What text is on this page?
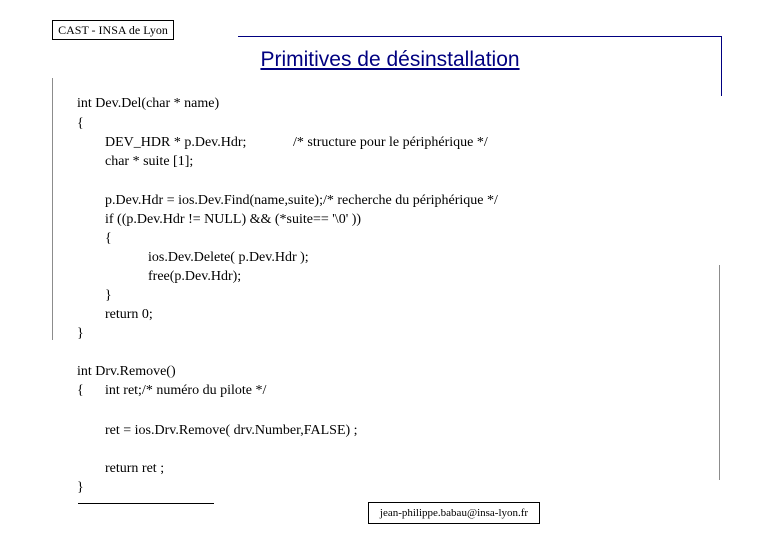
CAST - INSA de Lyon
Primitives de désinstallation
int Dev.Del(char * name)
{
DEV_HDR * p.Dev.Hdr;	/* structure pour le périphérique */
char * suite [1];
p.Dev.Hdr = ios.Dev.Find(name,suite);/* recherche du périphérique */
if ((p.Dev.Hdr != NULL) && (*suite== '\0' ))
{
ios.Dev.Delete( p.Dev.Hdr );
free(p.Dev.Hdr);
}
return 0;
}
int Drv.Remove()
{ int ret;/* numéro du pilote */
ret = ios.Drv.Remove( drv.Number,FALSE) ;
return ret ;
}
jean-philippe.babau@insa-lyon.fr
